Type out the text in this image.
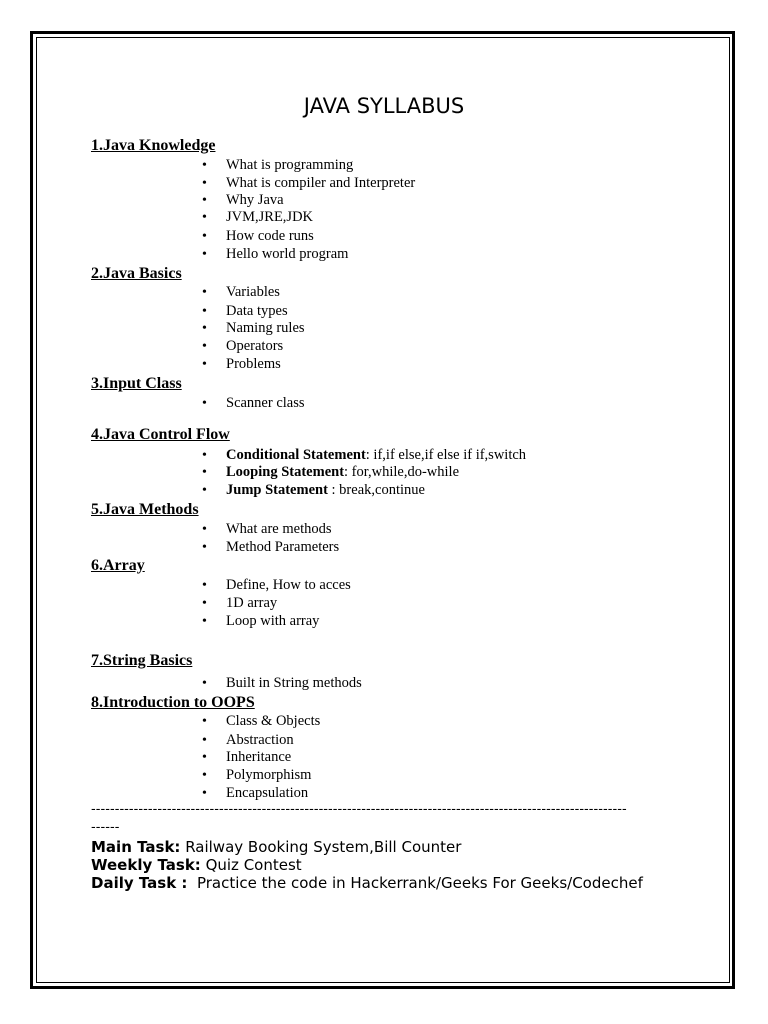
JAVA SYLLABUS
1.Java Knowledge
• What is programming
• What is compiler and Interpreter
• Why Java
• JVM,JRE,JDK
• How code runs
• Hello world program
2.Java Basics
• Variables
• Data types
• Naming rules
• Operators
• Problems
3.Input Class
• Scanner class
4.Java Control Flow
• Conditional Statement: if,if else,if else if if,switch
• Looping Statement: for,while,do-while
• Jump Statement : break,continue
5.Java Methods
• What are methods
• Method Parameters
6.Array
• Define, How to acces
• 1D array
• Loop with array
7.String Basics
• Built in String methods
8.Introduction to OOPS
• Class & Objects
• Abstraction
• Inheritance
• Polymorphism
• Encapsulation
-----------------------------------------------------------------------------------------------------------------
------
Main Task: Railway Booking System,Bill Counter
Weekly Task: Quiz Contest
Daily Task :  Practice the code in Hackerrank/Geeks For Geeks/Codechef
